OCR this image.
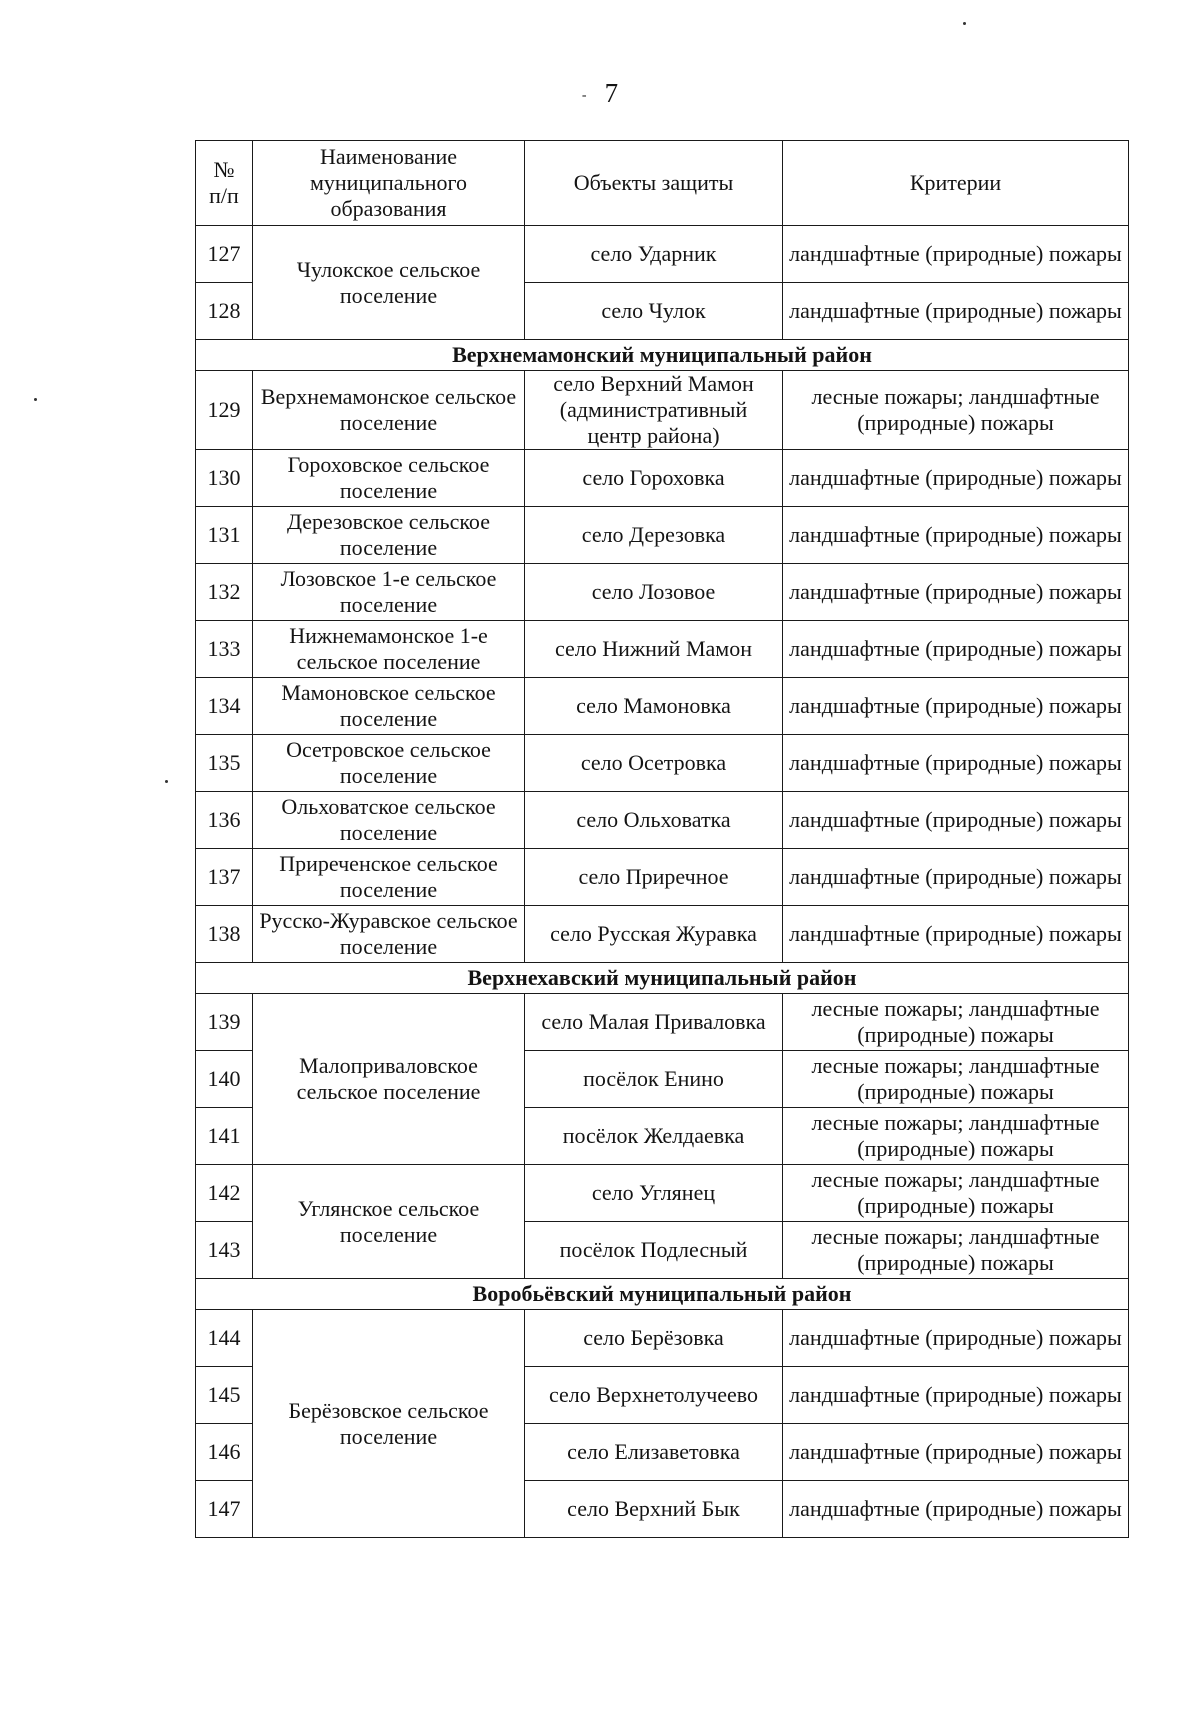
‐ 7
№ п/п	Наименование муниципального образования	Объекты защиты	Критерии
127	Чулокское сельское поселение	село Ударник	ландшафтные (природные) пожары
128		село Чулок	ландшафтные (природные) пожары
Верхнемамонский муниципальный район			
129	Верхнемамонское сельское поселение	село Верхний Мамон (административный центр района)	лесные пожары; ландшафтные (природные) пожары
130	Гороховское сельское поселение	село Гороховка	ландшафтные (природные) пожары
131	Дерезовское сельское поселение	село Дерезовка	ландшафтные (природные) пожары
132	Лозовское 1-е сельское поселение	село Лозовое	ландшафтные (природные) пожары
133	Нижнемамонское 1-е сельское поселение	село Нижний Мамон	ландшафтные (природные) пожары
134	Мамоновское сельское поселение	село Мамоновка	ландшафтные (природные) пожары
135	Осетровское сельское поселение	село Осетровка	ландшафтные (природные) пожары
136	Ольховатское сельское поселение	село Ольховатка	ландшафтные (природные) пожары
137	Приреченское сельское поселение	село Приречное	ландшафтные (природные) пожары
138	Русско-Журавское сельское поселение	село Русская Журавка	ландшафтные (природные) пожары
Верхнехавский муниципальный район			
139	Малоприваловское сельское поселение	село Малая Приваловка	лесные пожары; ландшафтные (природные) пожары
140		посёлок Енино	лесные пожары; ландшафтные (природные) пожары
141		посёлок Желдаевка	лесные пожары; ландшафтные (природные) пожары
142	Углянское сельское поселение	село Углянец	лесные пожары; ландшафтные (природные) пожары
143		посёлок Подлесный	лесные пожары; ландшафтные (природные) пожары
Воробьёвский муниципальный район			
144	Берёзовское сельское поселение	село Берёзовка	ландшафтные (природные) пожары
145		село Верхнетолучеево	ландшафтные (природные) пожары
146		село Елизаветовка	ландшафтные (природные) пожары
147		село Верхний Бык	ландшафтные (природные) пожары
